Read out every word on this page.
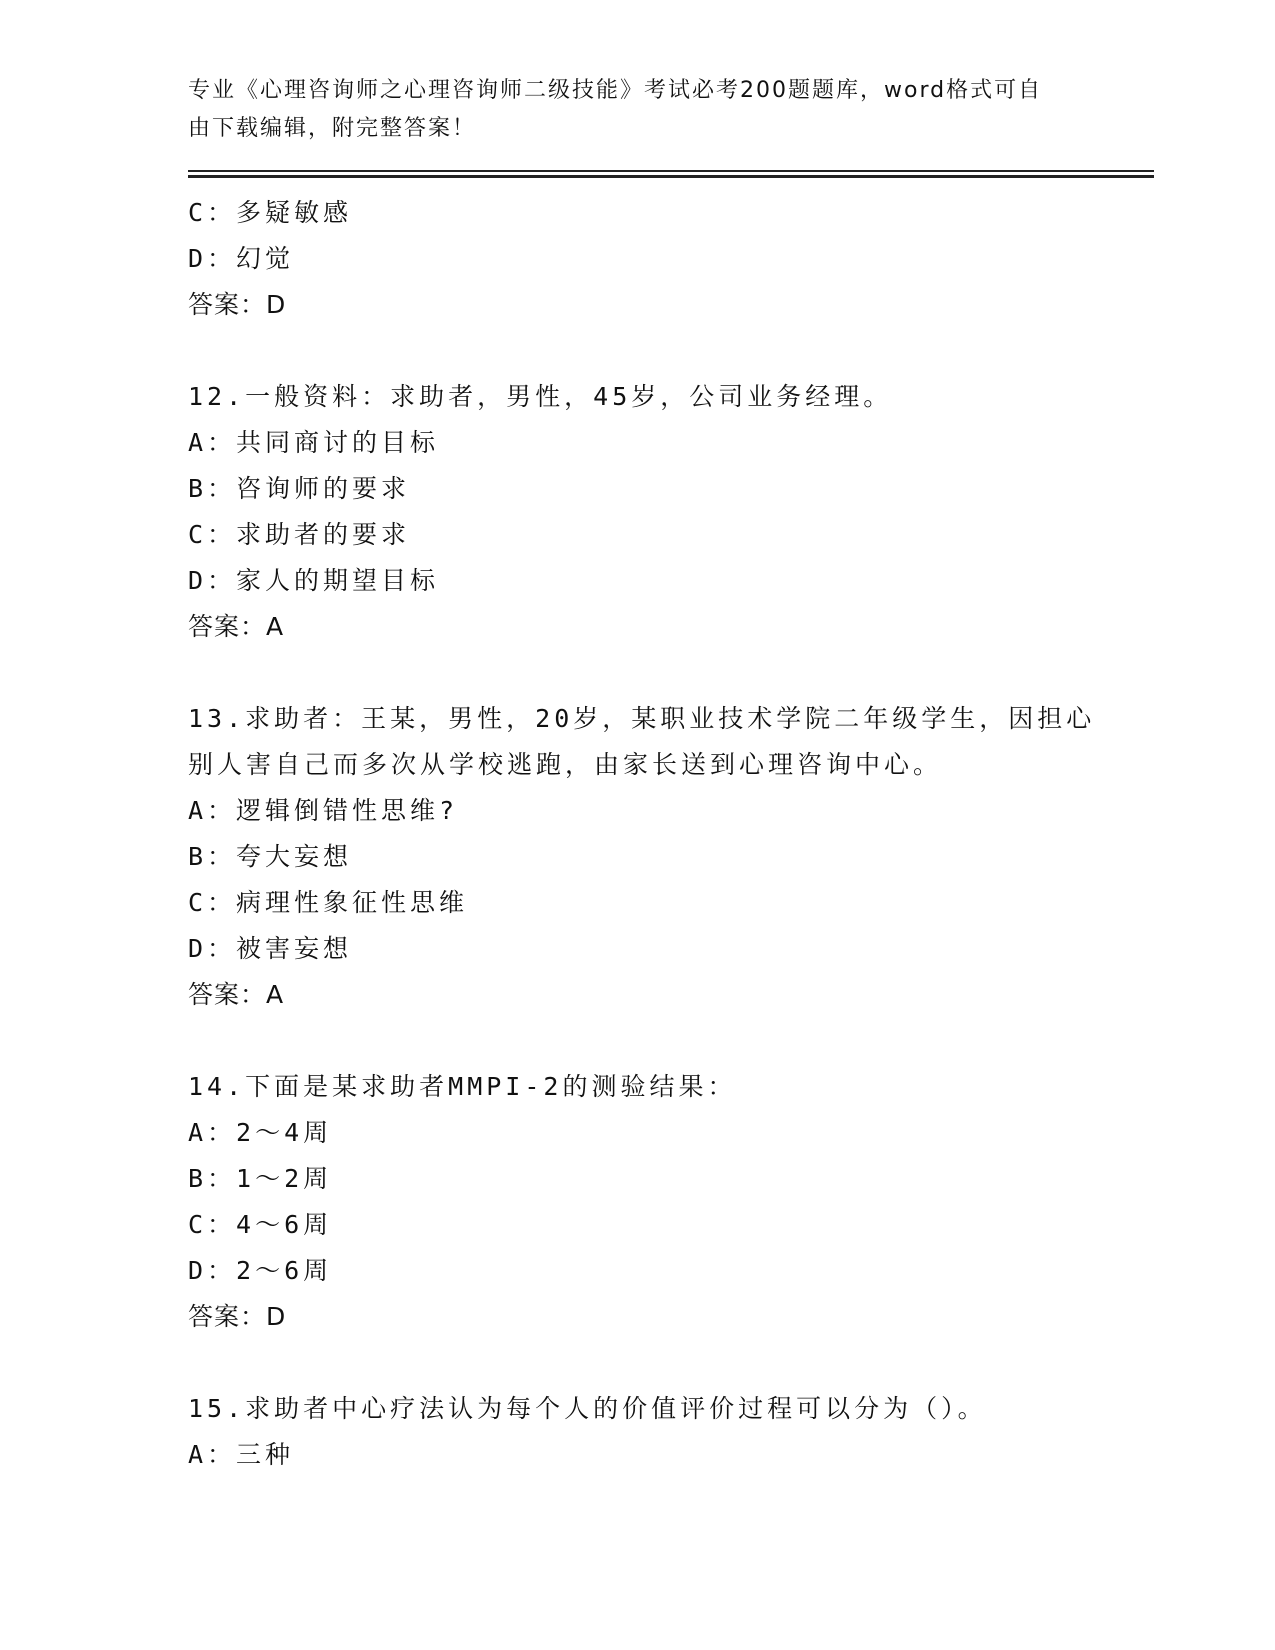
专业《心理咨询师之心理咨询师二级技能》考试必考200题题库，word格式可自
由下载编辑，附完整答案！
C：多疑敏感
D：幻觉
答案：D
12.一般资料：求助者，男性，45岁，公司业务经理。
A：共同商讨的目标
B：咨询师的要求
C：求助者的要求
D：家人的期望目标
答案：A
13.求助者：王某，男性，20岁，某职业技术学院二年级学生，因担心
别人害自己而多次从学校逃跑，由家长送到心理咨询中心。
A：逻辑倒错性思维?
B：夸大妄想
C：病理性象征性思维
D：被害妄想
答案：A
14.下面是某求助者MMPI-2的测验结果：
A：2～4周
B：1～2周
C：4～6周
D：2～6周
答案：D
15.求助者中心疗法认为每个人的价值评价过程可以分为（）。
A：三种
